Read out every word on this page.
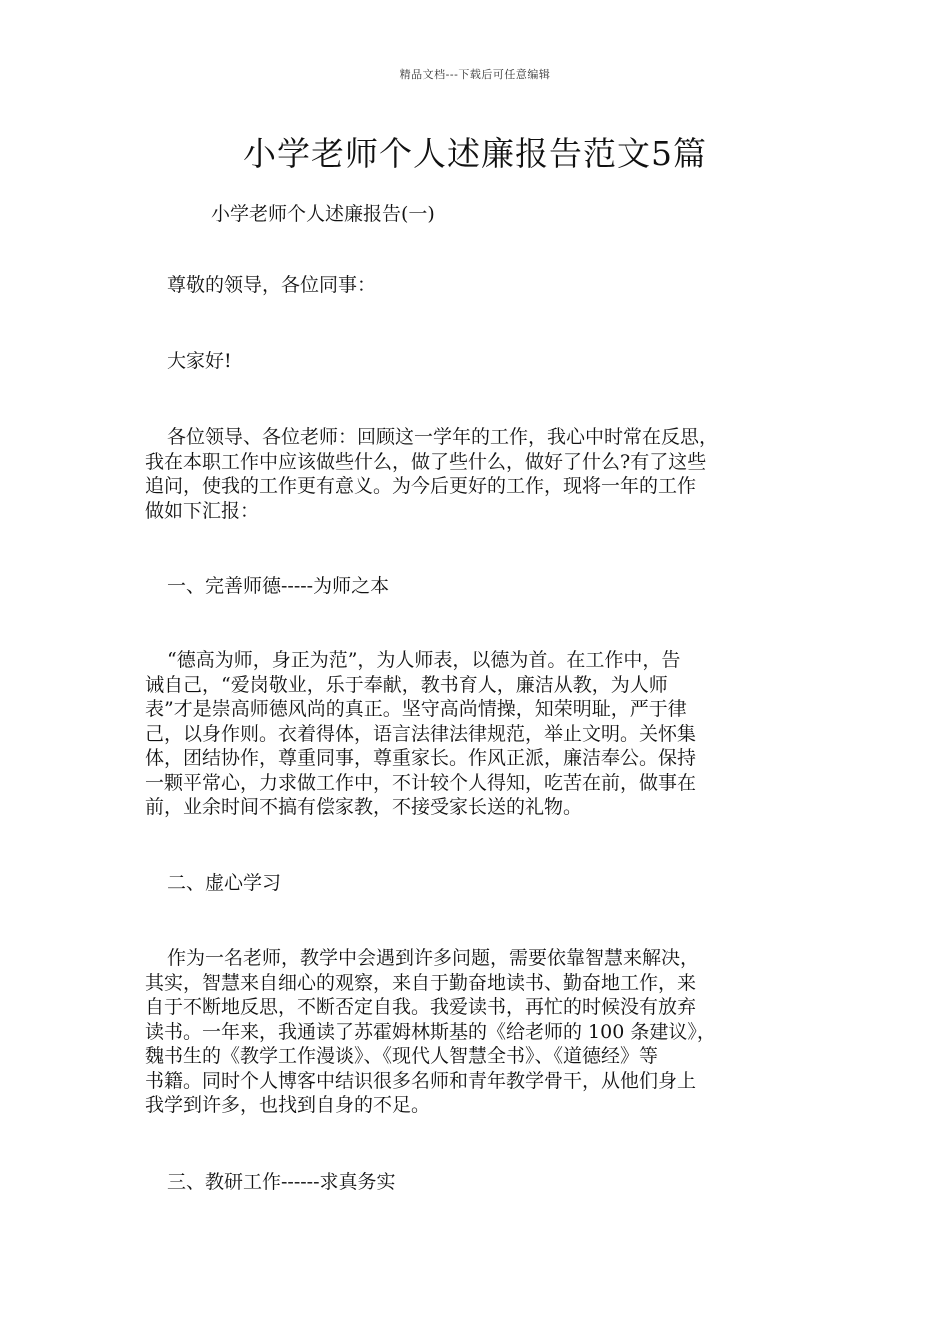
精品文档---下载后可任意编辑
小学老师个人述廉报告范文5篇
小学老师个人述廉报告(一)

尊敬的领导，各位同事：

大家好!

各位领导、各位老师：回顾这一学年的工作，我心中时常在反思，
我在本职工作中应该做些什么，做了些什么，做好了什么?有了这些
追问，使我的工作更有意义。为今后更好的工作，现将一年的工作
做如下汇报：

一、完善师德-----为师之本

“德高为师，身正为范”，为人师表，以德为首。在工作中，告
诫自己，“爱岗敬业，乐于奉献，教书育人，廉洁从教，为人师
表”才是崇高师德风尚的真正。坚守高尚情操，知荣明耻，严于律
己，以身作则。衣着得体，语言法律法律规范，举止文明。关怀集
体，团结协作，尊重同事，尊重家长。作风正派，廉洁奉公。保持
一颗平常心，力求做工作中，不计较个人得知，吃苦在前，做事在
前，业余时间不搞有偿家教，不接受家长送的礼物。

二、虚心学习

作为一名老师，教学中会遇到许多问题，需要依靠智慧来解决，
其实，智慧来自细心的观察，来自于勤奋地读书、勤奋地工作，来
自于不断地反思，不断否定自我。我爱读书，再忙的时候没有放弃
读书。一年来，我通读了苏霍姆林斯基的《给老师的 100 条建议》，
魏书生的《教学工作漫谈》、《现代人智慧全书》、《道德经》等
书籍。同时个人博客中结识很多名师和青年教学骨干，从他们身上
我学到许多，也找到自身的不足。

三、教研工作------求真务实
